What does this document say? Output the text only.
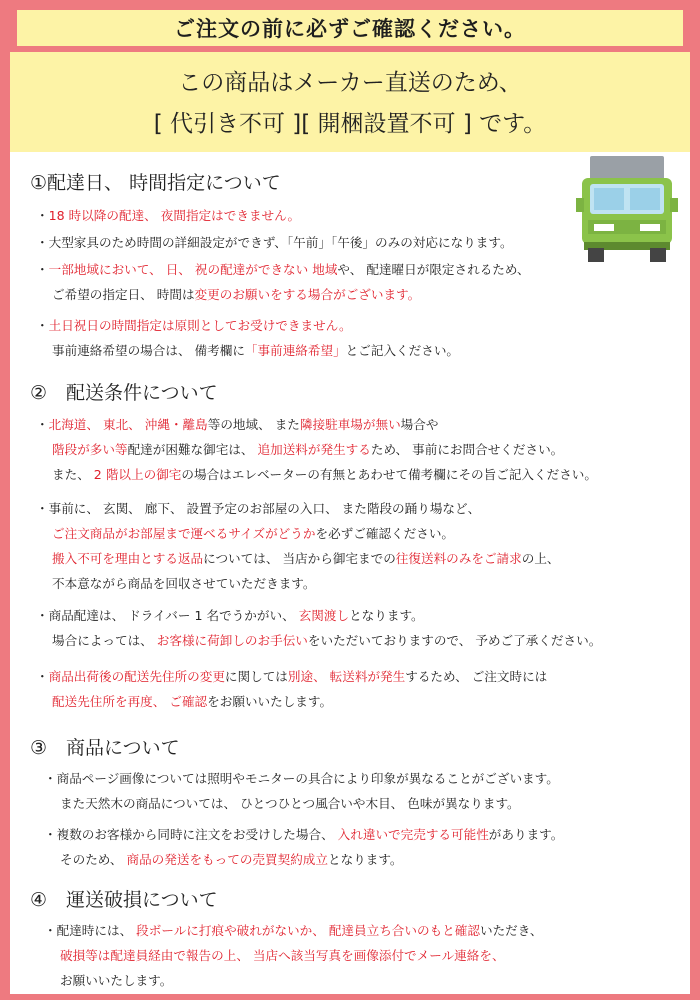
ご注文の前に必ずご確認ください。
この商品はメーカー直送のため、
[ 代引き不可 ][ 開梱設置不可 ] です。
①配達日、 時間指定について
・18 時以降の配達、 夜間指定はできません。
・大型家具のため時間の詳細設定ができず、「午前」「午後」のみの対応になります。
・一部地域において、 日、 祝の配達ができない 地域や、 配達曜日が限定されるため、
ご希望の指定日、 時間は変更のお願いをする場合がございます。
・土日祝日の時間指定は原則としてお受けできません。
事前連絡希望の場合は、 備考欄に「事前連絡希望」とご記入ください。
②　配送条件について
・北海道、 東北、 沖縄・離島等の地域、 また隣接駐車場が無い場合や
階段が多い等配達が困難な御宅は、 追加送料が発生するため、 事前にお問合せください。
また、 2 階以上の御宅の場合はエレベーターの有無とあわせて備考欄にその旨ご記入ください。
・事前に、 玄関、 廊下、 設置予定のお部屋の入口、 また階段の踊り場など、
ご注文商品がお部屋まで運べるサイズがどうかを必ずご確認ください。
搬入不可を理由とする返品については、 当店から御宅までの往復送料のみをご請求の上、
不本意ながら商品を回収させていただきます。
・商品配達は、 ドライバー 1 名でうかがい、 玄関渡しとなります。
場合によっては、 お客様に荷卸しのお手伝いをいただいておりますので、 予めご了承ください。
・商品出荷後の配送先住所の変更に関しては別途、 転送料が発生するため、 ご注文時には
配送先住所を再度、 ご確認をお願いいたします。
③　商品について
・商品ページ画像については照明やモニターの具合により印象が異なることがございます。
また天然木の商品については、 ひとつひとつ風合いや木目、 色味が異なります。
・複数のお客様から同時に注文をお受けした場合、 入れ違いで完売する可能性があります。
そのため、 商品の発送をもっての売買契約成立となります。
④　運送破損について
・配達時には、 段ボールに打痕や破れがないか、 配達員立ち合いのもと確認いただき、
破損等は配達員経由で報告の上、 当店へ該当写真を画像添付でメール連絡を、
お願いいたします。
